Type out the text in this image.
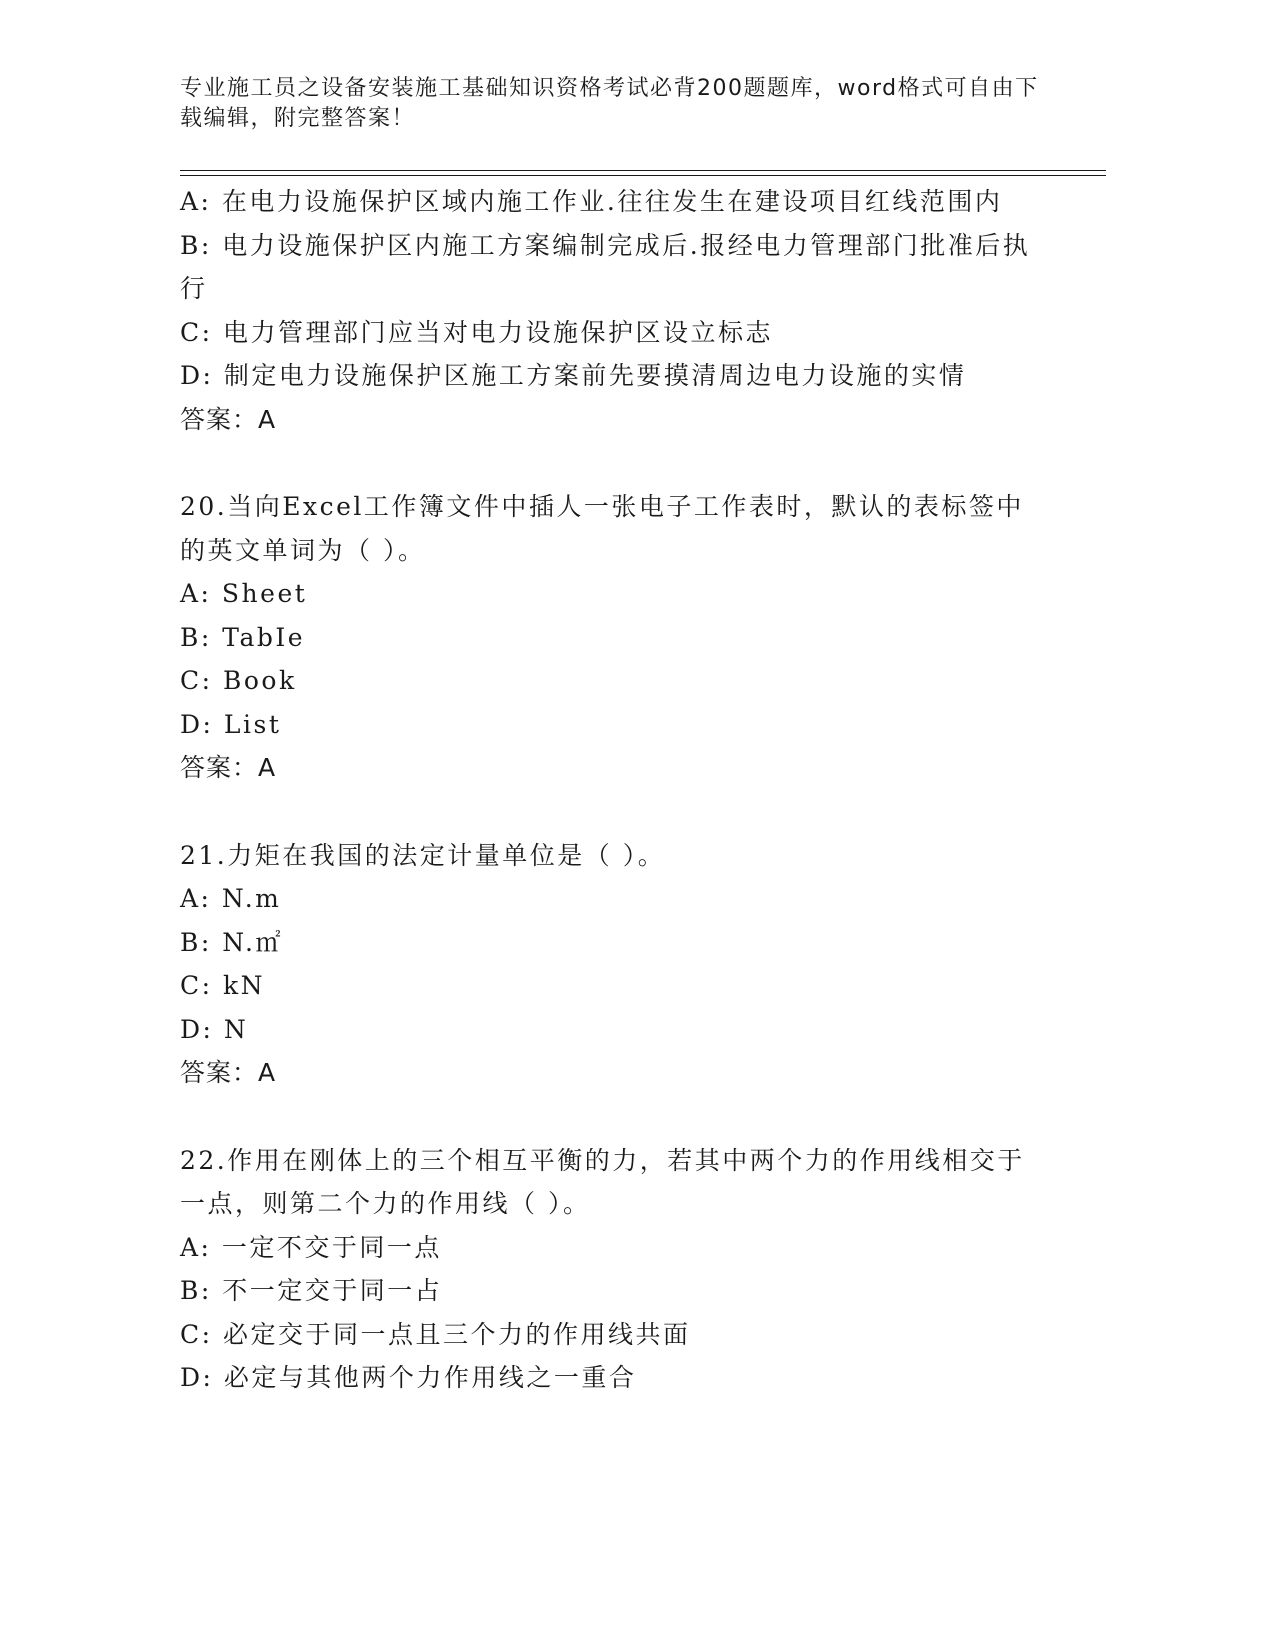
专业施工员之设备安装施工基础知识资格考试必背200题题库，word格式可自由下载编辑，附完整答案！
A: 在电力设施保护区域内施工作业.往往发生在建设项目红线范围内
B: 电力设施保护区内施工方案编制完成后.报经电力管理部门批准后执行
C: 电力管理部门应当对电力设施保护区设立标志
D: 制定电力设施保护区施工方案前先要摸清周边电力设施的实情
答案：A
20.当向Excel工作簿文件中插人一张电子工作表时，默认的表标签中的英文单词为（ ）。
A: Sheet
B: TabIe
C: Book
D: List
答案：A
21.力矩在我国的法定计量单位是（ ）。
A: N.m
B: N.㎡
C: kN
D: N
答案：A
22.作用在刚体上的三个相互平衡的力，若其中两个力的作用线相交于一点，则第二个力的作用线（ ）。
A: 一定不交于同一点
B: 不一定交于同一占
C: 必定交于同一点且三个力的作用线共面
D: 必定与其他两个力作用线之一重合
